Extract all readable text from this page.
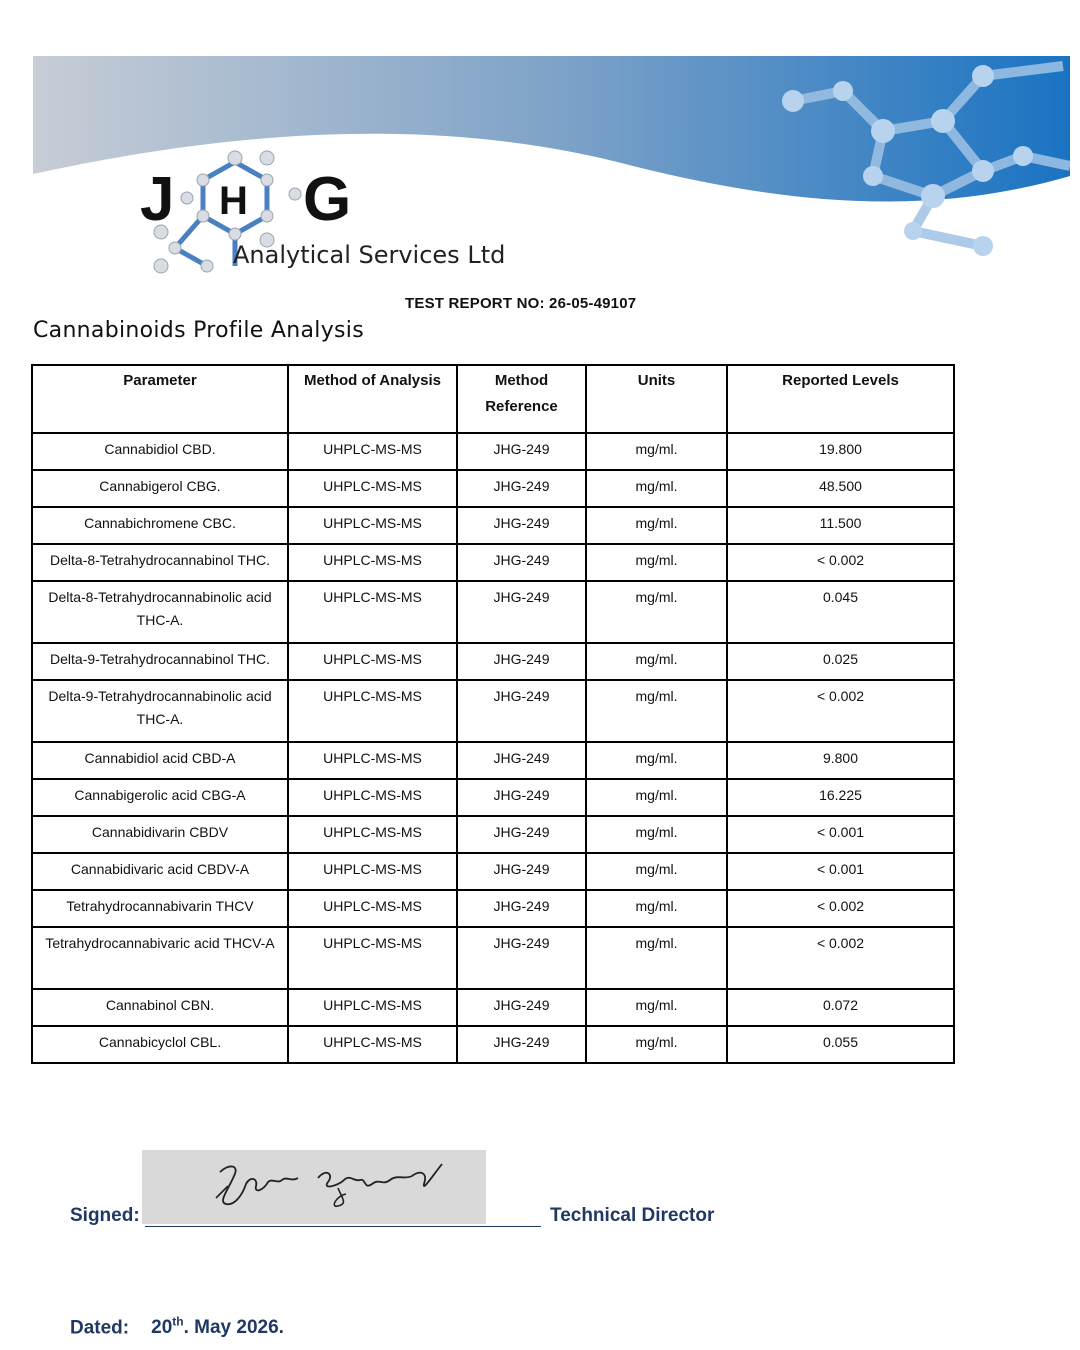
J H G
Analytical Services Ltd
TEST REPORT NO: 26-05-49107
Cannabinoids Profile Analysis
Parameter	Method of Analysis	Method Reference	Units	Reported Levels
Cannabidiol CBD.	UHPLC-MS-MS	JHG-249	mg/ml.	19.800
Cannabigerol CBG.	UHPLC-MS-MS	JHG-249	mg/ml.	48.500
Cannabichromene CBC.	UHPLC-MS-MS	JHG-249	mg/ml.	11.500
Delta-8-Tetrahydrocannabinol THC.	UHPLC-MS-MS	JHG-249	mg/ml.	< 0.002
Delta-8-Tetrahydrocannabinolic acid THC-A.	UHPLC-MS-MS	JHG-249	mg/ml.	0.045
Delta-9-Tetrahydrocannabinol THC.	UHPLC-MS-MS	JHG-249	mg/ml.	0.025
Delta-9-Tetrahydrocannabinolic acid THC-A.	UHPLC-MS-MS	JHG-249	mg/ml.	< 0.002
Cannabidiol acid CBD-A	UHPLC-MS-MS	JHG-249	mg/ml.	9.800
Cannabigerolic acid CBG-A	UHPLC-MS-MS	JHG-249	mg/ml.	16.225
Cannabidivarin CBDV	UHPLC-MS-MS	JHG-249	mg/ml.	< 0.001
Cannabidivaric acid CBDV-A	UHPLC-MS-MS	JHG-249	mg/ml.	< 0.001
Tetrahydrocannabivarin THCV	UHPLC-MS-MS	JHG-249	mg/ml.	< 0.002
Tetrahydrocannabivaric acid THCV-A	UHPLC-MS-MS	JHG-249	mg/ml.	< 0.002
Cannabinol CBN.	UHPLC-MS-MS	JHG-249	mg/ml.	0.072
Cannabicyclol CBL.	UHPLC-MS-MS	JHG-249	mg/ml.	0.055
Signed:	Technical Director
Dated: 20th. May 2026.
